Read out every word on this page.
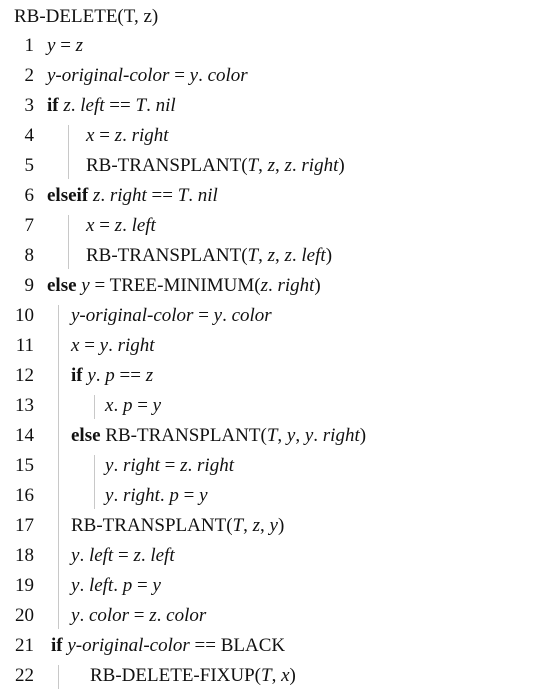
RB-DELETE(T, z)
1 y = z
2 y-original-color = y. color
3 if z. left == T. nil
4	x = z. right
5	RB-TRANSPLANT(T, z, z. right)
6 elseif z. right == T. nil
7	x = z. left
8	RB-TRANSPLANT(T, z, z. left)
9 else y = TREE-MINIMUM(z. right)
10 y-original-color = y. color
11 x = y. right
12 if y. p == z
13	x. p = y
14 else RB-TRANSPLANT(T, y, y. right)
15	y. right = z. right
16	y. right. p = y
17 RB-TRANSPLANT(T, z, y)
18 y. left = z. left
19 y. left. p = y
20 y. color = z. color
21 if y-original-color == BLACK
22	RB-DELETE-FIXUP(T, x)
